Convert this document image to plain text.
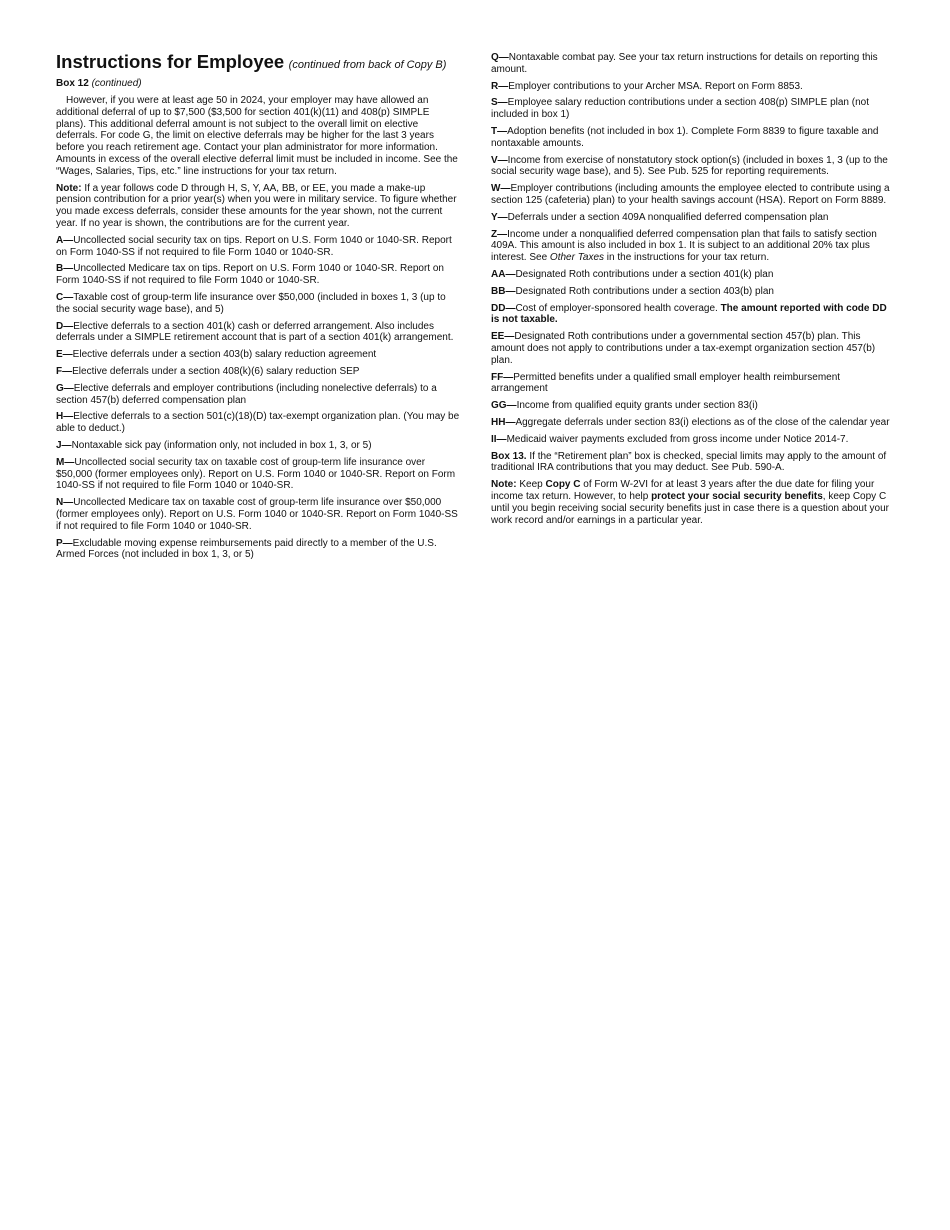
Instructions for Employee (continued from back of Copy B)
Box 12 (continued)

However, if you were at least age 50 in 2024, your employer may have allowed an additional deferral of up to $7,500 ($3,500 for section 401(k)(11) and 408(p) SIMPLE plans). This additional deferral amount is not subject to the overall limit on elective deferrals. For code G, the limit on elective deferrals may be higher for the last 3 years before you reach retirement age. Contact your plan administrator for more information. Amounts in excess of the overall elective deferral limit must be included in income. See the “Wages, Salaries, Tips, etc.” line instructions for your tax return.

Note: If a year follows code D through H, S, Y, AA, BB, or EE, you made a make-up pension contribution for a prior year(s) when you were in military service. To figure whether you made excess deferrals, consider these amounts for the year shown, not the current year. If no year is shown, the contributions are for the current year.

A—Uncollected social security tax on tips. Report on U.S. Form 1040 or 1040-SR. Report on Form 1040-SS if not required to file Form 1040 or 1040-SR.

B—Uncollected Medicare tax on tips. Report on U.S. Form 1040 or 1040-SR. Report on Form 1040-SS if not required to file Form 1040 or 1040-SR.

C—Taxable cost of group-term life insurance over $50,000 (included in boxes 1, 3 (up to the social security wage base), and 5)

D—Elective deferrals to a section 401(k) cash or deferred arrangement. Also includes deferrals under a SIMPLE retirement account that is part of a section 401(k) arrangement.

E—Elective deferrals under a section 403(b) salary reduction agreement

F—Elective deferrals under a section 408(k)(6) salary reduction SEP

G—Elective deferrals and employer contributions (including nonelective deferrals) to a section 457(b) deferred compensation plan

H—Elective deferrals to a section 501(c)(18)(D) tax-exempt organization plan. (You may be able to deduct.)

J—Nontaxable sick pay (information only, not included in box 1, 3, or 5)

M—Uncollected social security tax on taxable cost of group-term life insurance over $50,000 (former employees only). Report on U.S. Form 1040 or 1040-SR. Report on Form 1040-SS if not required to file Form 1040 or 1040-SR.

N—Uncollected Medicare tax on taxable cost of group-term life insurance over $50,000 (former employees only). Report on U.S. Form 1040 or 1040-SR. Report on Form 1040-SS if not required to file Form 1040 or 1040-SR.

P—Excludable moving expense reimbursements paid directly to a member of the U.S. Armed Forces (not included in box 1, 3, or 5)

Q—Nontaxable combat pay. See your tax return instructions for details on reporting this amount.

R—Employer contributions to your Archer MSA. Report on Form 8853.

S—Employee salary reduction contributions under a section 408(p) SIMPLE plan (not included in box 1)

T—Adoption benefits (not included in box 1). Complete Form 8839 to figure taxable and nontaxable amounts.

V—Income from exercise of nonstatutory stock option(s) (included in boxes 1, 3 (up to the social security wage base), and 5). See Pub. 525 for reporting requirements.

W—Employer contributions (including amounts the employee elected to contribute using a section 125 (cafeteria) plan) to your health savings account (HSA). Report on Form 8889.

Y—Deferrals under a section 409A nonqualified deferred compensation plan

Z—Income under a nonqualified deferred compensation plan that fails to satisfy section 409A. This amount is also included in box 1. It is subject to an additional 20% tax plus interest. See Other Taxes in the instructions for your tax return.

AA—Designated Roth contributions under a section 401(k) plan

BB—Designated Roth contributions under a section 403(b) plan

DD—Cost of employer-sponsored health coverage. The amount reported with code DD is not taxable.

EE—Designated Roth contributions under a governmental section 457(b) plan. This amount does not apply to contributions under a tax-exempt organization section 457(b) plan.

FF—Permitted benefits under a qualified small employer health reimbursement arrangement

GG—Income from qualified equity grants under section 83(i)

HH—Aggregate deferrals under section 83(i) elections as of the close of the calendar year

II—Medicaid waiver payments excluded from gross income under Notice 2014-7.

Box 13. If the “Retirement plan” box is checked, special limits may apply to the amount of traditional IRA contributions that you may deduct. See Pub. 590-A.

Note: Keep Copy C of Form W-2VI for at least 3 years after the due date for filing your income tax return. However, to help protect your social security benefits, keep Copy C until you begin receiving social security benefits just in case there is a question about your work record and/or earnings in a particular year.
